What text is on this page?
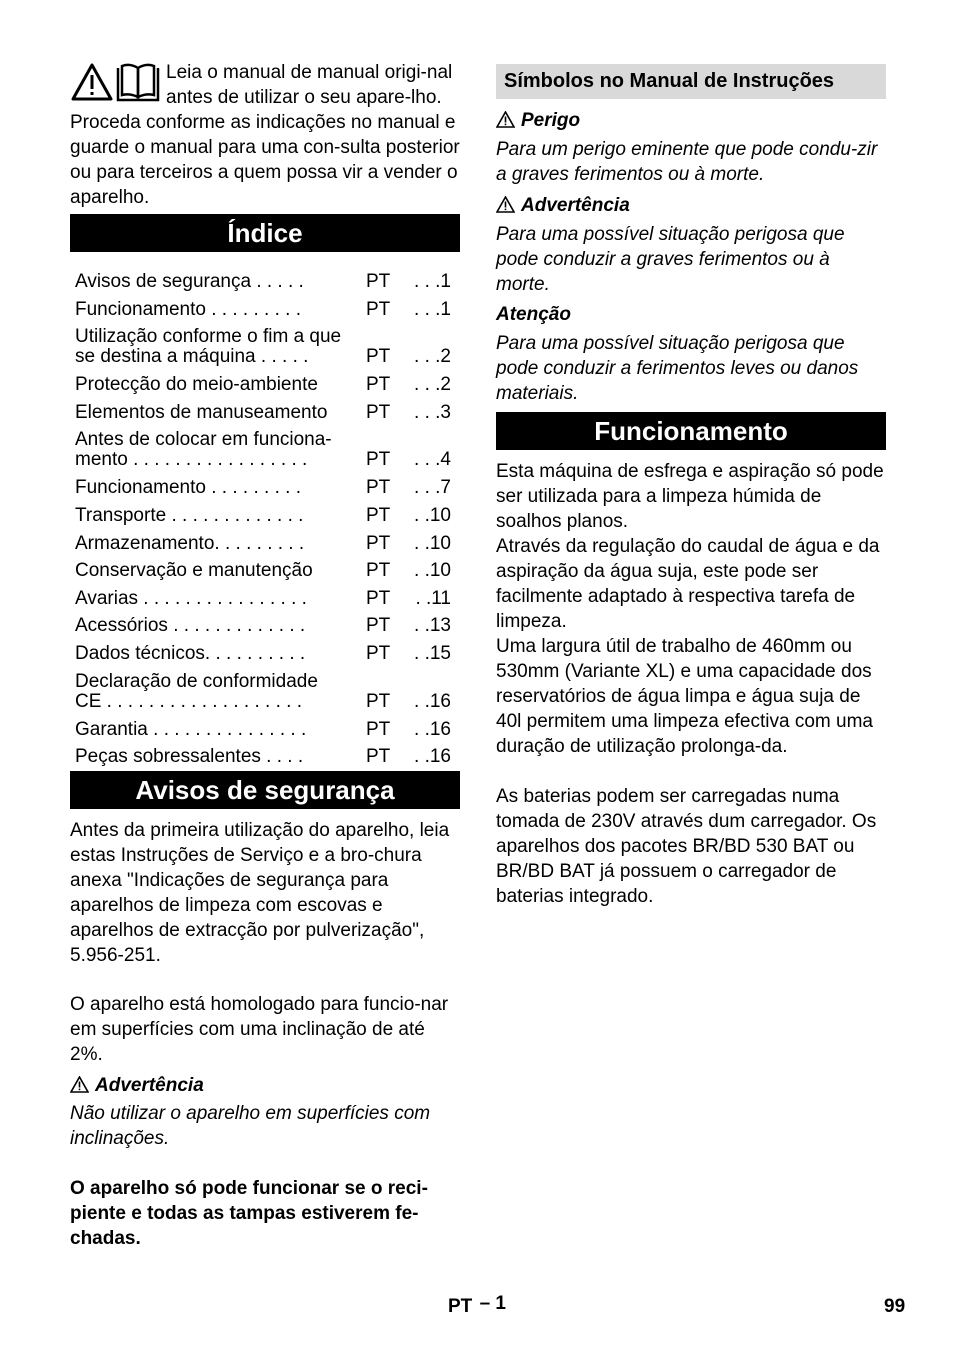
Leia o manual de manual origi-nal antes de utilizar o seu apare-lho. Proceda conforme as indicações no manual e guarde o manual para uma con-sulta posterior ou para terceiros a quem possa vir a vender o aparelho.

Índice
Avisos de segurança . . . . .	PT	. . .1
Funcionamento . . . . . . . . .	PT	. . .1
Utilização conforme o fim a que
se destina a máquina . . . . .	PT	. . .2
Protecção do meio-ambiente	PT	. . .2
Elementos de manuseamento	PT	. . .3
Antes de colocar em funciona-
mento . . . . . . . . . . . . . . . . .	PT	. . .4
Funcionamento . . . . . . . . .	PT	. . .7
Transporte . . . . . . . . . . . . .	PT	. .10
Armazenamento. . . . . . . . .	PT	. .10
Conservação e manutenção	PT	. .10
Avarias . . . . . . . . . . . . . . . .	PT	. .11
Acessórios . . . . . . . . . . . . .	PT	. .13
Dados técnicos. . . . . . . . . .	PT	. .15
Declaração de conformidade
CE . . . . . . . . . . . . . . . . . . .	PT	. .16
Garantia . . . . . . . . . . . . . . .	PT	. .16
Peças sobressalentes . . . .	PT	. .16
Avisos de segurança

Antes da primeira utilização do aparelho, leia estas Instruções de Serviço e a bro-chura anexa "Indicações de segurança para aparelhos de limpeza com escovas e aparelhos de extracção por pulverização", 5.956-251.

O aparelho está homologado para funcio-nar em superfícies com uma inclinação de até 2%.

Advertência

Não utilizar o aparelho em superfícies com inclinações.

O aparelho só pode funcionar se o reci-piente e todas as tampas estiverem fe-chadas.

Símbolos no Manual de Instruções

Perigo

Para um perigo eminente que pode condu-zir a graves ferimentos ou à morte.

Advertência

Para uma possível situação perigosa que pode conduzir a graves ferimentos ou à morte.

Atenção

Para uma possível situação perigosa que pode conduzir a ferimentos leves ou danos materiais.

Funcionamento

Esta máquina de esfrega e aspiração só pode ser utilizada para a limpeza húmida de soalhos planos.

Através da regulação do caudal de água e da aspiração da água suja, este pode ser facilmente adaptado à respectiva tarefa de limpeza.

Uma largura útil de trabalho de 460mm ou 530mm (Variante XL) e uma capacidade dos reservatórios de água limpa e água suja de 40l permitem uma limpeza efectiva com uma duração de utilização prolonga-da.

As baterias podem ser carregadas numa tomada de 230V através dum carregador. Os aparelhos dos pacotes BR/BD 530 BAT ou BR/BD BAT já possuem o carregador de baterias integrado.

PT – 1	99
